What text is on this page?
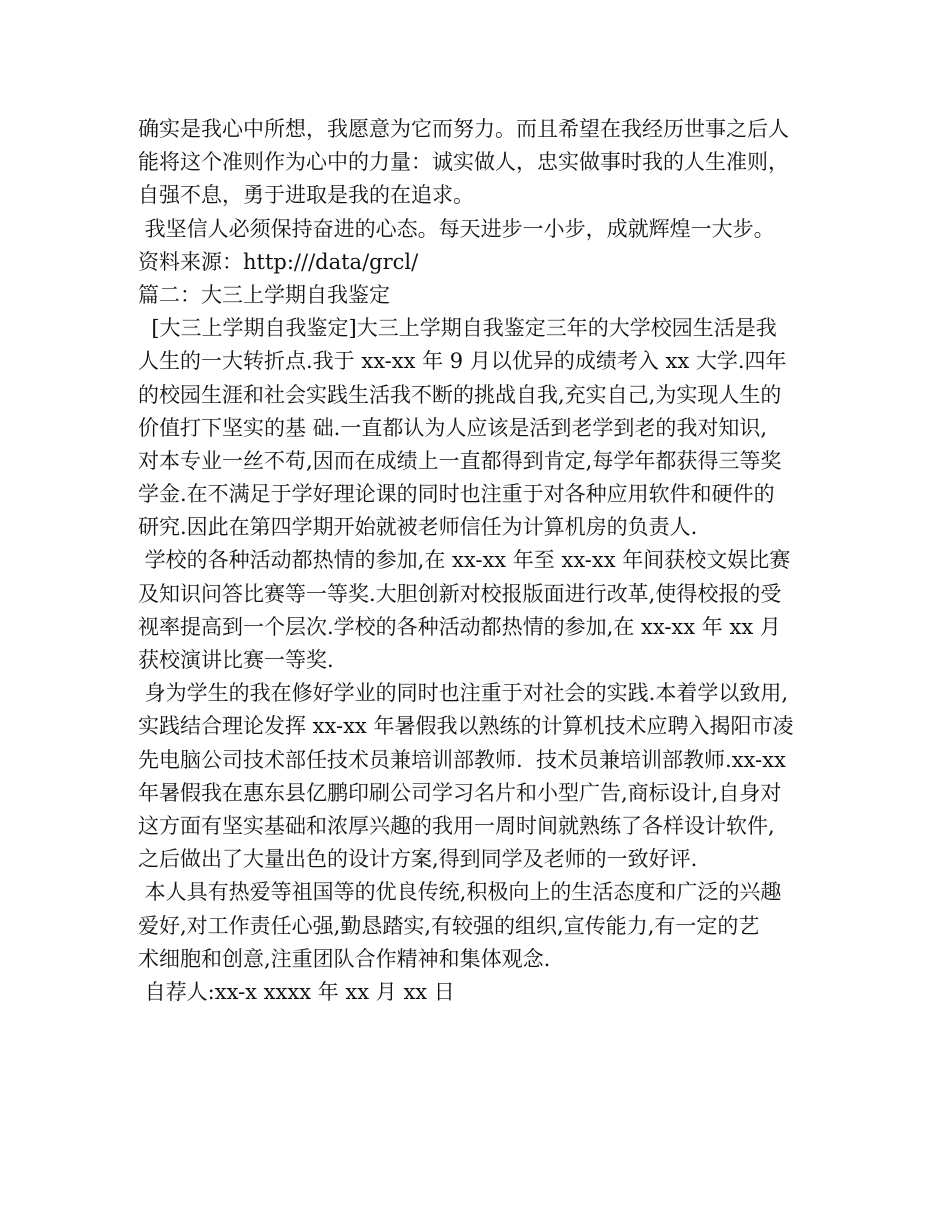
确实是我心中所想，我愿意为它而努力。而且希望在我经历世事之后人
能将这个准则作为心中的力量：诚实做人，忠实做事时我的人生准则，
自强不息，勇于进取是我的在追求。
我坚信人必须保持奋进的心态。每天进步一小步，成就辉煌一大步。
资料来源：http:///data/grcl/
篇二：大三上学期自我鉴定
[大三上学期自我鉴定]大三上学期自我鉴定三年的大学校园生活是我
人生的一大转折点.我于 xx-xx 年 9 月以优异的成绩考入 xx 大学.四年
的校园生涯和社会实践生活我不断的挑战自我,充实自己,为实现人生的
价值打下坚实的基 础.一直都认为人应该是活到老学到老的我对知识,
对本专业一丝不苟,因而在成绩上一直都得到肯定,每学年都获得三等奖
学金.在不满足于学好理论课的同时也注重于对各种应用软件和硬件的
研究.因此在第四学期开始就被老师信任为计算机房的负责人.
学校的各种活动都热情的参加,在 xx-xx 年至 xx-xx 年间获校文娱比赛
及知识问答比赛等一等奖.大胆创新对校报版面进行改革,使得校报的受
视率提高到一个层次.学校的各种活动都热情的参加,在 xx-xx 年 xx 月
获校演讲比赛一等奖.
身为学生的我在修好学业的同时也注重于对社会的实践.本着学以致用,
实践结合理论发挥 xx-xx 年暑假我以熟练的计算机技术应聘入揭阳市凌
先电脑公司技术部任技术员兼培训部教师.  技术员兼培训部教师.xx-xx
年暑假我在惠东县亿鹏印刷公司学习名片和小型广告,商标设计,自身对
这方面有坚实基础和浓厚兴趣的我用一周时间就熟练了各样设计软件,
之后做出了大量出色的设计方案,得到同学及老师的一致好评.
本人具有热爱等祖国等的优良传统,积极向上的生活态度和广泛的兴趣
爱好,对工作责任心强,勤恳踏实,有较强的组织,宣传能力,有一定的艺
术细胞和创意,注重团队合作精神和集体观念.
自荐人:xx-x xxxx 年 xx 月 xx 日
